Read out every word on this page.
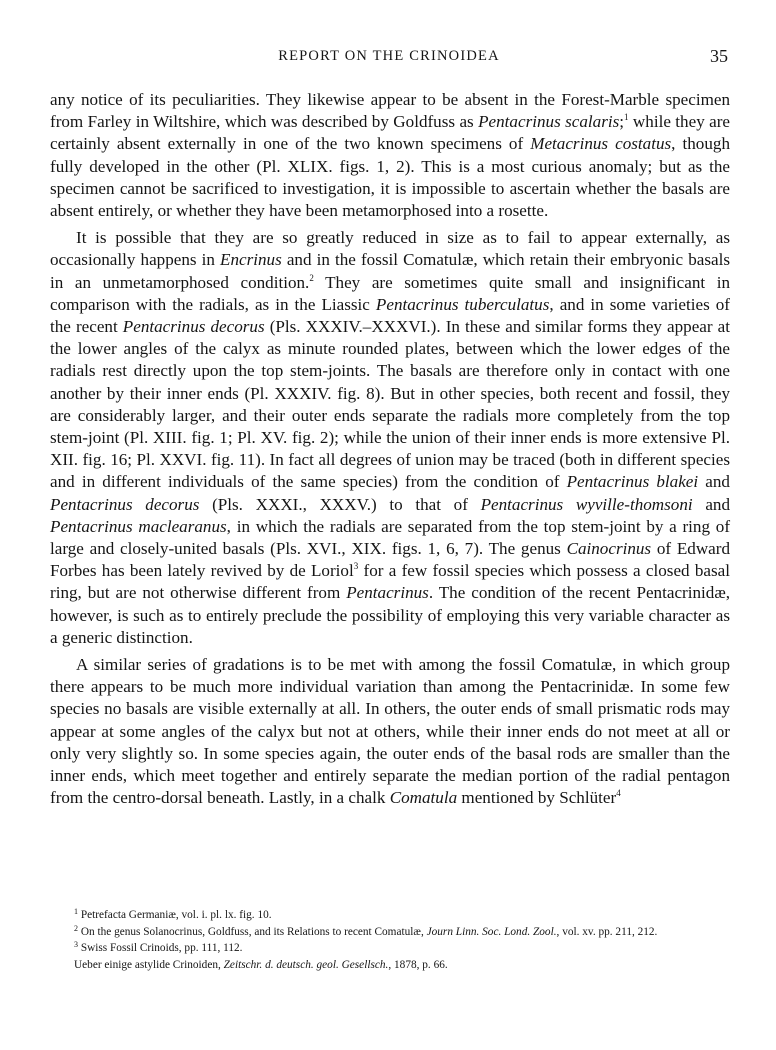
REPORT ON THE CRINOIDEA	35

any notice of its peculiarities. They likewise appear to be absent in the Forest-Marble specimen from Farley in Wiltshire, which was described by Goldfuss as Pentacrinus scalaris;$^1$ while they are certainly absent externally in one of the two known specimens of Metacrinus costatus, though fully developed in the other (Pl. XLIX. figs. 1, 2). This is a most curious anomaly; but as the specimen cannot be sacrificed to investigation, it is impossible to ascertain whether the basals are absent entirely, or whether they have been metamorphosed into a rosette.

It is possible that they are so greatly reduced in size as to fail to appear externally, as occasionally happens in Encrinus and in the fossil Comatulæ, which retain their embryonic basals in an unmetamorphosed condition.$^2$ They are sometimes quite small and insignificant in comparison with the radials, as in the Liassic Pentacrinus tuberculatus, and in some varieties of the recent Pentacrinus decorus (Pls. XXXIV.–XXXVI.). In these and similar forms they appear at the lower angles of the calyx as minute rounded plates, between which the lower edges of the radials rest directly upon the top stem-joints. The basals are therefore only in contact with one another by their inner ends (Pl. XXXIV. fig. 8). But in other species, both recent and fossil, they are considerably larger, and their outer ends separate the radials more completely from the top stem-joint (Pl. XIII. fig. 1; Pl. XV. fig. 2); while the union of their inner ends is more extensive Pl. XII. fig. 16; Pl. XXVI. fig. 11). In fact all degrees of union may be traced (both in different species and in different individuals of the same species) from the condition of Pentacrinus blakei and Pentacrinus decorus (Pls. XXXI., XXXV.) to that of Pentacrinus wyville-thomsoni and Pentacrinus maclearanus, in which the radials are separated from the top stem-joint by a ring of large and closely-united basals (Pls. XVI., XIX. figs. 1, 6, 7). The genus Cainocrinus of Edward Forbes has been lately revived by de Loriol$^3$ for a few fossil species which possess a closed basal ring, but are not otherwise different from Pentacrinus. The condition of the recent Pentacrinidæ, however, is such as to entirely preclude the possibility of employing this very variable character as a generic distinction.

A similar series of gradations is to be met with among the fossil Comatulæ, in which group there appears to be much more individual variation than among the Pentacrinidæ. In some few species no basals are visible externally at all. In others, the outer ends of small prismatic rods may appear at some angles of the calyx but not at others, while their inner ends do not meet at all or only very slightly so. In some species again, the outer ends of the basal rods are smaller than the inner ends, which meet together and entirely separate the median portion of the radial pentagon from the centro-dorsal beneath. Lastly, in a chalk Comatula mentioned by Schlüter$^4$

$^1$ Petrefacta Germaniæ, vol. i. pl. lx. fig. 10.

$^2$ On the genus Solanocrinus, Goldfuss, and its Relations to recent Comatulæ, Journ Linn. Soc. Lond. Zool., vol. xv. pp. 211, 212.

$^3$ Swiss Fossil Crinoids, pp. 111, 112.

Ueber einige astylide Crinoiden, Zeitschr. d. deutsch. geol. Gesellsch., 1878, p. 66.
